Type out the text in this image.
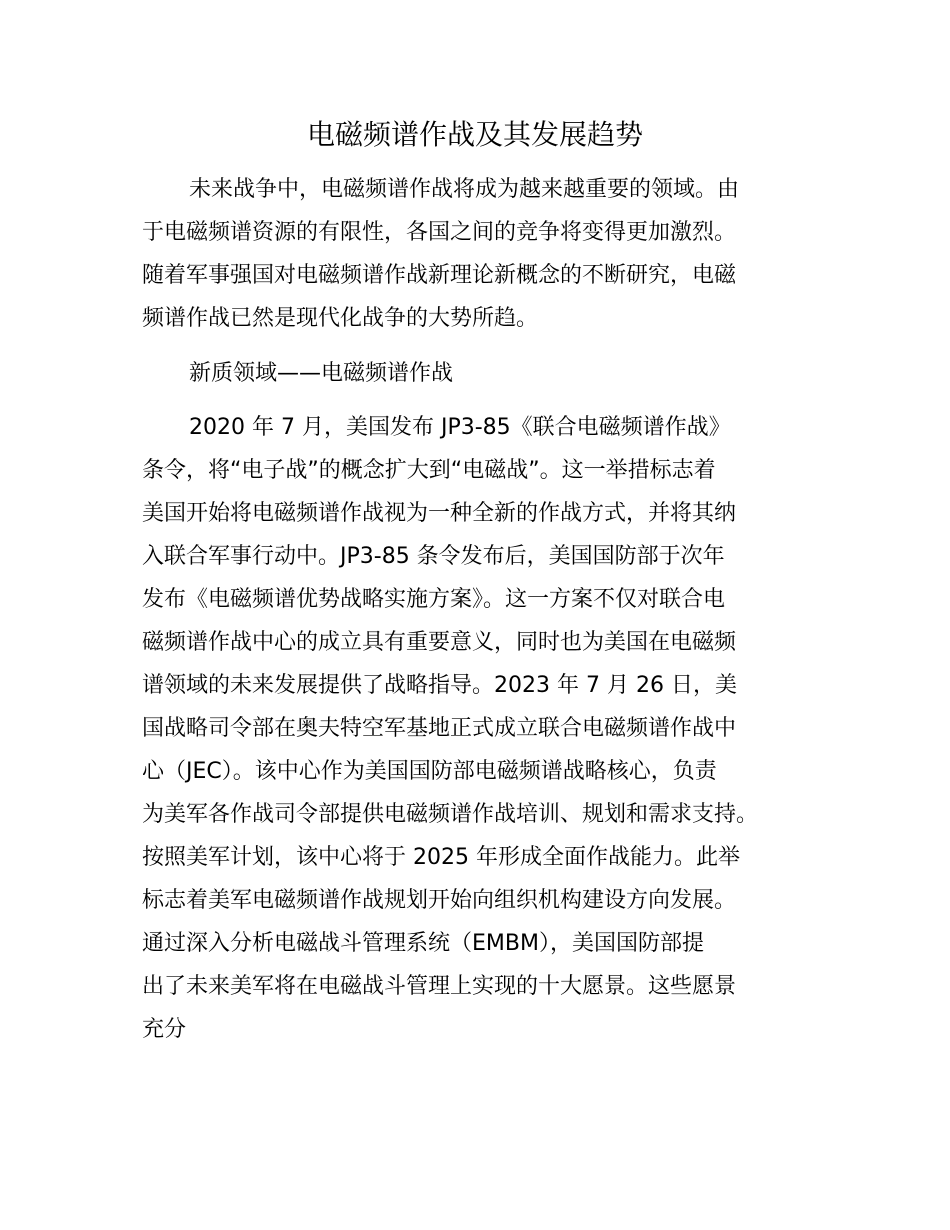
电磁频谱作战及其发展趋势
未来战争中，电磁频谱作战将成为越来越重要的领域。由
于电磁频谱资源的有限性，各国之间的竞争将变得更加激烈。
随着军事强国对电磁频谱作战新理论新概念的不断研究，电磁
频谱作战已然是现代化战争的大势所趋。
新质领域——电磁频谱作战
2020 年 7 月，美国发布 JP3-85《联合电磁频谱作战》
条令，将“电子战”的概念扩大到“电磁战”。这一举措标志着
美国开始将电磁频谱作战视为一种全新的作战方式，并将其纳
入联合军事行动中。JP3-85 条令发布后，美国国防部于次年
发布《电磁频谱优势战略实施方案》。这一方案不仅对联合电
磁频谱作战中心的成立具有重要意义，同时也为美国在电磁频
谱领域的未来发展提供了战略指导。2023 年 7 月 26 日，美
国战略司令部在奥夫特空军基地正式成立联合电磁频谱作战中
心（JEC）。该中心作为美国国防部电磁频谱战略核心，负责
为美军各作战司令部提供电磁频谱作战培训、规划和需求支持。
按照美军计划，该中心将于 2025 年形成全面作战能力。此举
标志着美军电磁频谱作战规划开始向组织机构建设方向发展。
通过深入分析电磁战斗管理系统（EMBM），美国国防部提
出了未来美军将在电磁战斗管理上实现的十大愿景。这些愿景
充分
